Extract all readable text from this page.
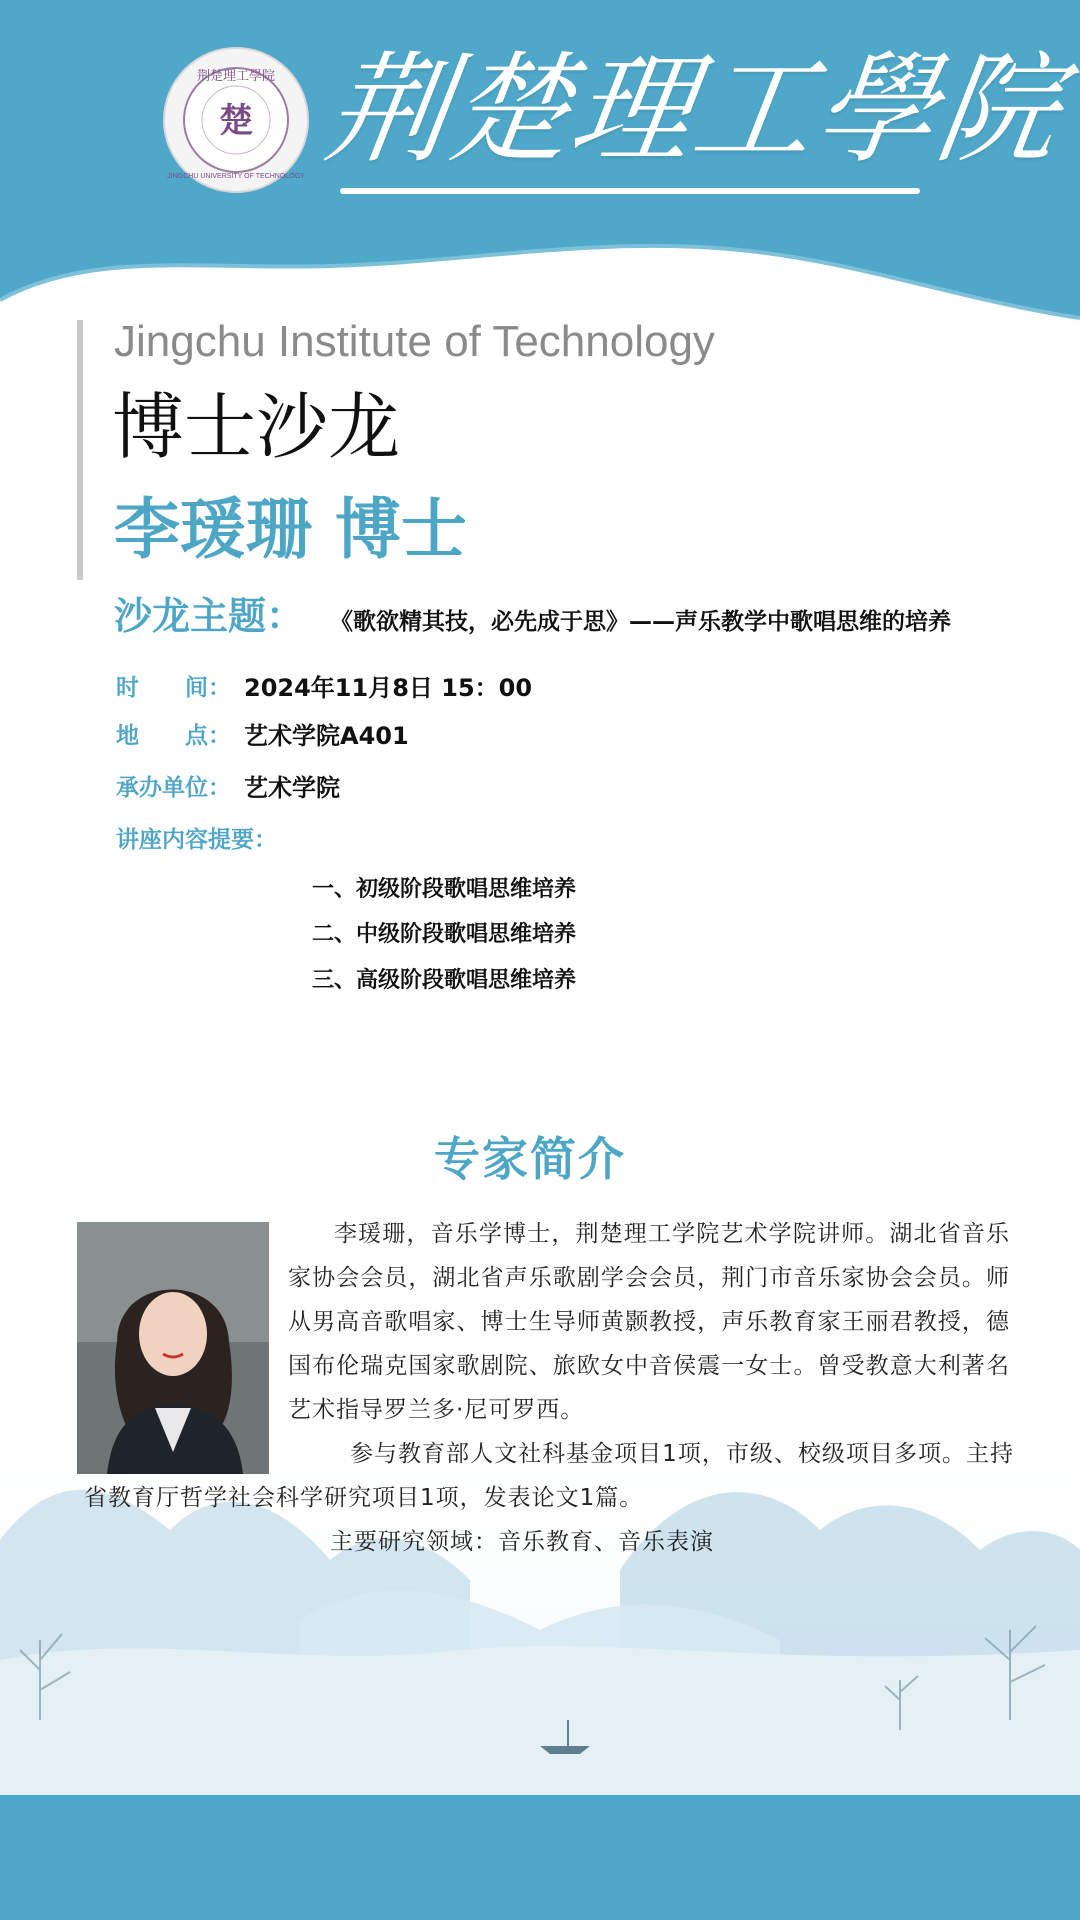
楚
荆楚理工學院
JINGCHU UNIVERSITY OF TECHNOLOGY 荆楚理工學院
Jingchu Institute of Technology
博士沙龙
李瑗珊 博士
沙龙主题： 《歌欲精其技，必先成于思》——声乐教学中歌唱思维的培养
时　　间： 2024年11月8日 15：00
地　　点： 艺术学院A401
承办单位： 艺术学院
讲座内容提要：
一、初级阶段歌唱思维培养
二、中级阶段歌唱思维培养
三、高级阶段歌唱思维培养
专家简介
李瑗珊，音乐学博士，荆楚理工学院艺术学院讲师。湖北省音乐家协会会员，湖北省声乐歌剧学会会员，荆门市音乐家协会会员。师从男高音歌唱家、博士生导师黄颢教授，声乐教育家王丽君教授，德国布伦瑞克国家歌剧院、旅欧女中音侯震一女士。曾受教意大利著名艺术指导罗兰多·尼可罗西。
参与教育部人文社科基金项目1项，市级、校级项目多项。主持省教育厅哲学社会科学研究项目1项，发表论文1篇。
主要研究领域：音乐教育、音乐表演
